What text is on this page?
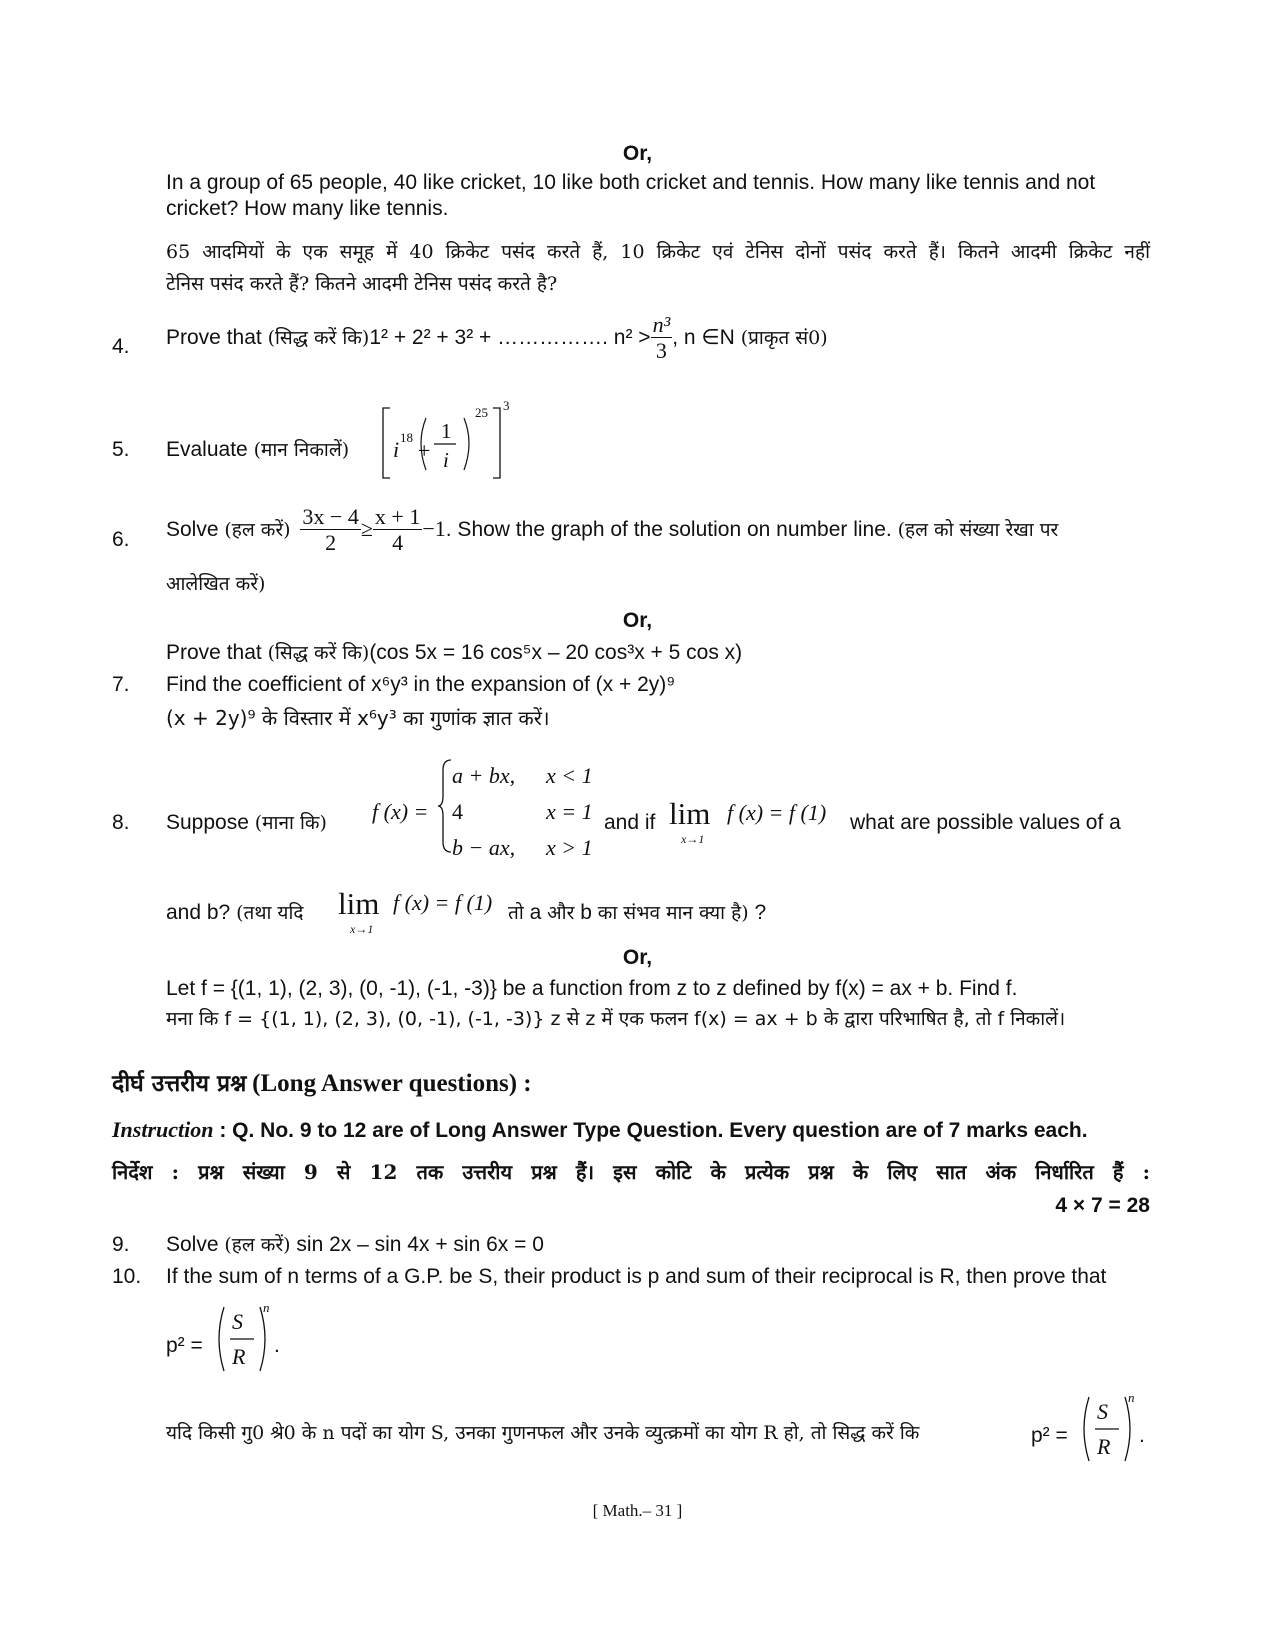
Or,
In a group of 65 people, 40 like cricket, 10 like both cricket and tennis. How many like tennis and not
cricket? How many like tennis.
65 आदमियों के एक समूह में 40 क्रिकेट पसंद करते हैं, 10 क्रिकेट एवं टेनिस दोनों पसंद करते हैं। कितने आदमी क्रिकेट नहीं
टेनिस पसंद करते हैं? कितने आदमी टेनिस पसंद करते है?
4. Prove that (सिद्ध करें कि)1² + 2² + 3² + ……………. $n^2 > \frac{\text{n³}}{3}$ , n ∈N (प्राकृत सं0)
5. Evaluate (मान निकालें) i 18
+
1
i
25 3
6. Solve (हल करें) $\frac{3x - 4}{2} \ge \frac{x + 1}{4} -1$. Show the graph of the solution on number line. (हल को संख्या रेखा पर
आलेखित करें)
Or,
Prove that (सिद्ध करें कि)(cos 5x = 16 cos⁵x – 20 cos³x + 5 cos x)
7. Find the coefficient of x⁶y³ in the expansion of (x + 2y)⁹
(x + 2y)⁹ के विस्तार में x⁶y³ का गुणांक ज्ञात करें।
8. Suppose (माना कि) f (x) =
a + bx,
4
b − ax,
x < 1
x = 1
x > 1
and if lim
x→1
f (x) = f (1) what are possible values of a
and b? (तथा यदि lim
x→1
f (x) = f (1) तो a और b का संभव मान क्या है) ?
Or,
Let f = {(1, 1), (2, 3), (0, -1), (-1, -3)} be a function from z to z defined by f(x) = ax + b. Find f.
मना कि f = {(1, 1), (2, 3), (0, -1), (-1, -3)} z से z में एक फलन f(x) = ax + b के द्वारा परिभाषित है, तो f निकालें।
दीर्घ उत्तरीय प्रश्न (Long Answer questions) :
Instruction : Q. No. 9 to 12 are of Long Answer Type Question. Every question are of 7 marks each.
निर्देश : प्रश्न संख्या 9 से 12 तक उत्तरीय प्रश्न हैं। इस कोटि के प्रत्येक प्रश्न के लिए सात अंक निर्धारित हैं :
4 × 7 = 28
9. Solve (हल करें) sin 2x – sin 4x + sin 6x = 0
10. If the sum of n terms of a G.P. be S, their product is p and sum of their reciprocal is R, then prove that
p² =
S
R
n
.
यदि किसी गु0 श्रे0 के n पदों का योग S, उनका गुणनफल और उनके व्युत्क्रमों का योग R हो, तो सिद्ध करें कि	p² =
S
R
n
.
[ Math.– 31 ]
